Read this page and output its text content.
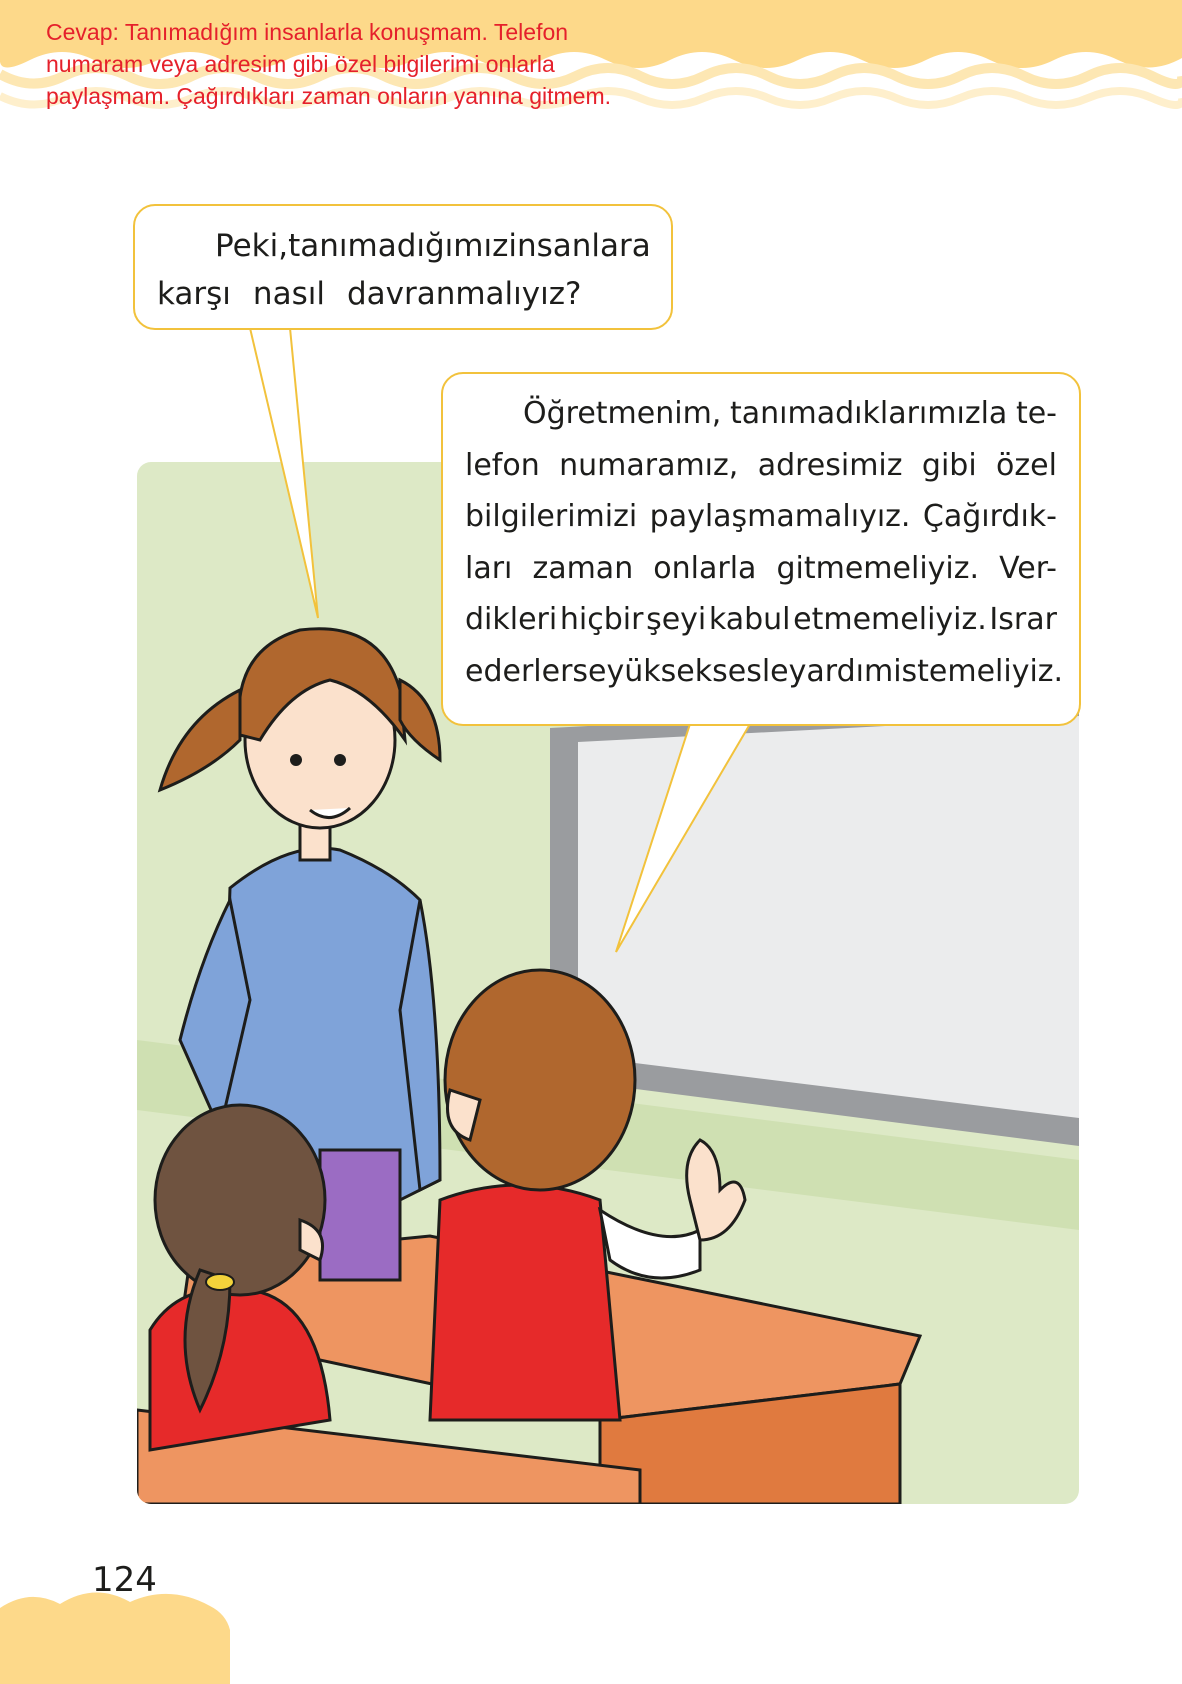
Cevap: Tanımadığım insanlarla konuşmam. Telefon
numaram veya adresim gibi özel bilgilerimi onlarla
paylaşmam. Çağırdıkları zaman onların yanına gitmem.

Peki, tanımadığımız insanlara
karşı nasıl davranmalıyız?
Öğretmenim, tanımadıklarımızla te-
lefon numaramız, adresimiz gibi özel
bilgilerimizi paylaşmamalıyız. Çağırdık-
ları zaman onlarla gitmemeliyiz. Ver-
dikleri hiçbir şeyi kabul etmemeliyiz. Israr
ederlerse yüksek sesle yardım istemeliyiz.

124
